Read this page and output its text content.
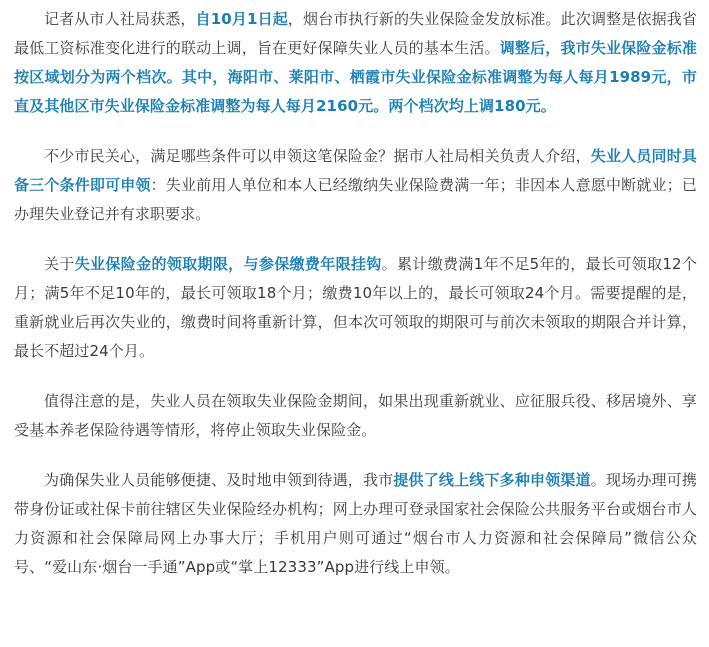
记者从市人社局获悉，自10月1日起，烟台市执行新的失业保险金发放标准。此次调整是依据我省最低工资标准变化进行的联动上调，旨在更好保障失业人员的基本生活。调整后，我市失业保险金标准按区域划分为两个档次。其中，海阳市、莱阳市、栖霞市失业保险金标准调整为每人每月1989元，市直及其他区市失业保险金标准调整为每人每月2160元。两个档次均上调180元。

不少市民关心，满足哪些条件可以申领这笔保险金？据市人社局相关负责人介绍，失业人员同时具备三个条件即可申领：失业前用人单位和本人已经缴纳失业保险费满一年；非因本人意愿中断就业；已办理失业登记并有求职要求。

关于失业保险金的领取期限，与参保缴费年限挂钩。累计缴费满1年不足5年的，最长可领取12个月；满5年不足10年的，最长可领取18个月；缴费10年以上的，最长可领取24个月。需要提醒的是，重新就业后再次失业的，缴费时间将重新计算，但本次可领取的期限可与前次未领取的期限合并计算，最长不超过24个月。

值得注意的是，失业人员在领取失业保险金期间，如果出现重新就业、应征服兵役、移居境外、享受基本养老保险待遇等情形，将停止领取失业保险金。

为确保失业人员能够便捷、及时地申领到待遇，我市提供了线上线下多种申领渠道。现场办理可携带身份证或社保卡前往辖区失业保险经办机构；网上办理可登录国家社会保险公共服务平台或烟台市人力资源和社会保障局网上办事大厅；手机用户则可通过“烟台市人力资源和社会保障局”微信公众号、“爱山东·烟台一手通”App或“掌上12333”App进行线上申领。
